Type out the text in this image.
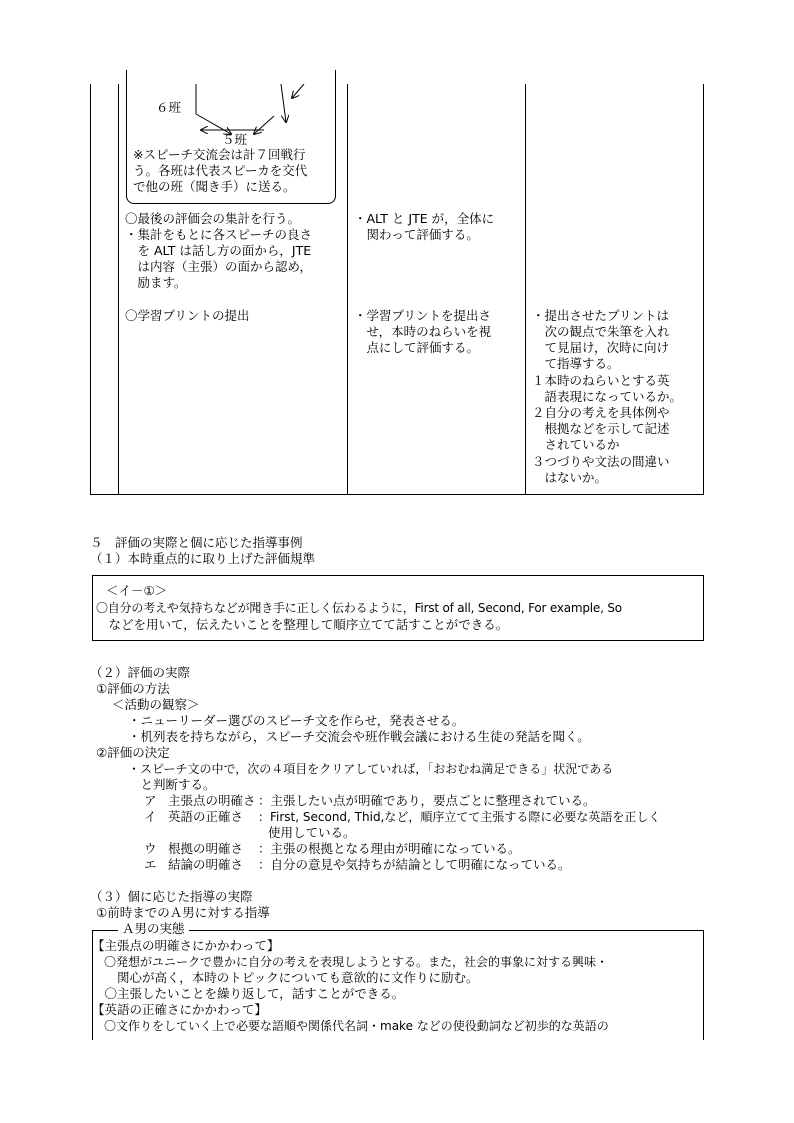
６班
５班
※スピーチ交流会は計７回戦行
う。各班は代表スピーカを交代
で他の班（聞き手）に送る。
〇最後の評価会の集計を行う。
・集計をもとに各スピーチの良さ
　を ALT は話し方の面から，JTE
　は内容（主張）の面から認め，
　励ます。
・ALT と JTE が，全体に
　関わって評価する。
〇学習プリントの提出	・学習プリントを提出さ
　せ，本時のねらいを視
　点にして評価する。
・提出させたプリントは
　次の観点で朱筆を入れ
　て見届け，次時に向け
　て指導する。
１本時のねらいとする英
　語表現になっているか。
２自分の考えを具体例や
　根拠などを示して記述
　されているか
３つづりや文法の間違い
　はないか。
５　評価の実際と個に応じた指導事例
（１）本時重点的に取り上げた評価規準
＜イ－①＞
〇自分の考えや気持ちなどが聞き手に正しく伝わるように，First of all, Second, For example, So
　などを用いて，伝えたいことを整理して順序立てて話すことができる。
（２）評価の実際
①評価の方法
＜活動の観察＞
・ニューリーダー選びのスピーチ文を作らせ，発表させる。
・机列表を持ちながら，スピーチ交流会や班作戦会議における生徒の発話を聞く。
②評価の決定
・スピーチ文の中で，次の４項目をクリアしていれば，「おおむね満足できる」状況である
　と判断する。
ア 主張点の明確さ ：主張したい点が明確であり，要点ごとに整理されている。
イ 英語の正確さ ：First, Second, Thid,など，順序立てて主張する際に必要な英語を正しく
使用している。
ウ 根拠の明確さ ：主張の根拠となる理由が明確になっている。
エ 結論の明確さ ：自分の意見や気持ちが結論として明確になっている。
（３）個に応じた指導の実際
①前時までのＡ男に対する指導
Ａ男の実態
【主張点の明確さにかかわって】
　〇発想がユニークで豊かに自分の考えを表現しようとする。また，社会的事象に対する興味・
　　関心が高く，本時のトピックについても意欲的に文作りに励む。
　〇主張したいことを繰り返して，話すことができる。
【英語の正確さにかかわって】
　〇文作りをしていく上で必要な語順や関係代名詞・make などの使役動詞など初歩的な英語の
